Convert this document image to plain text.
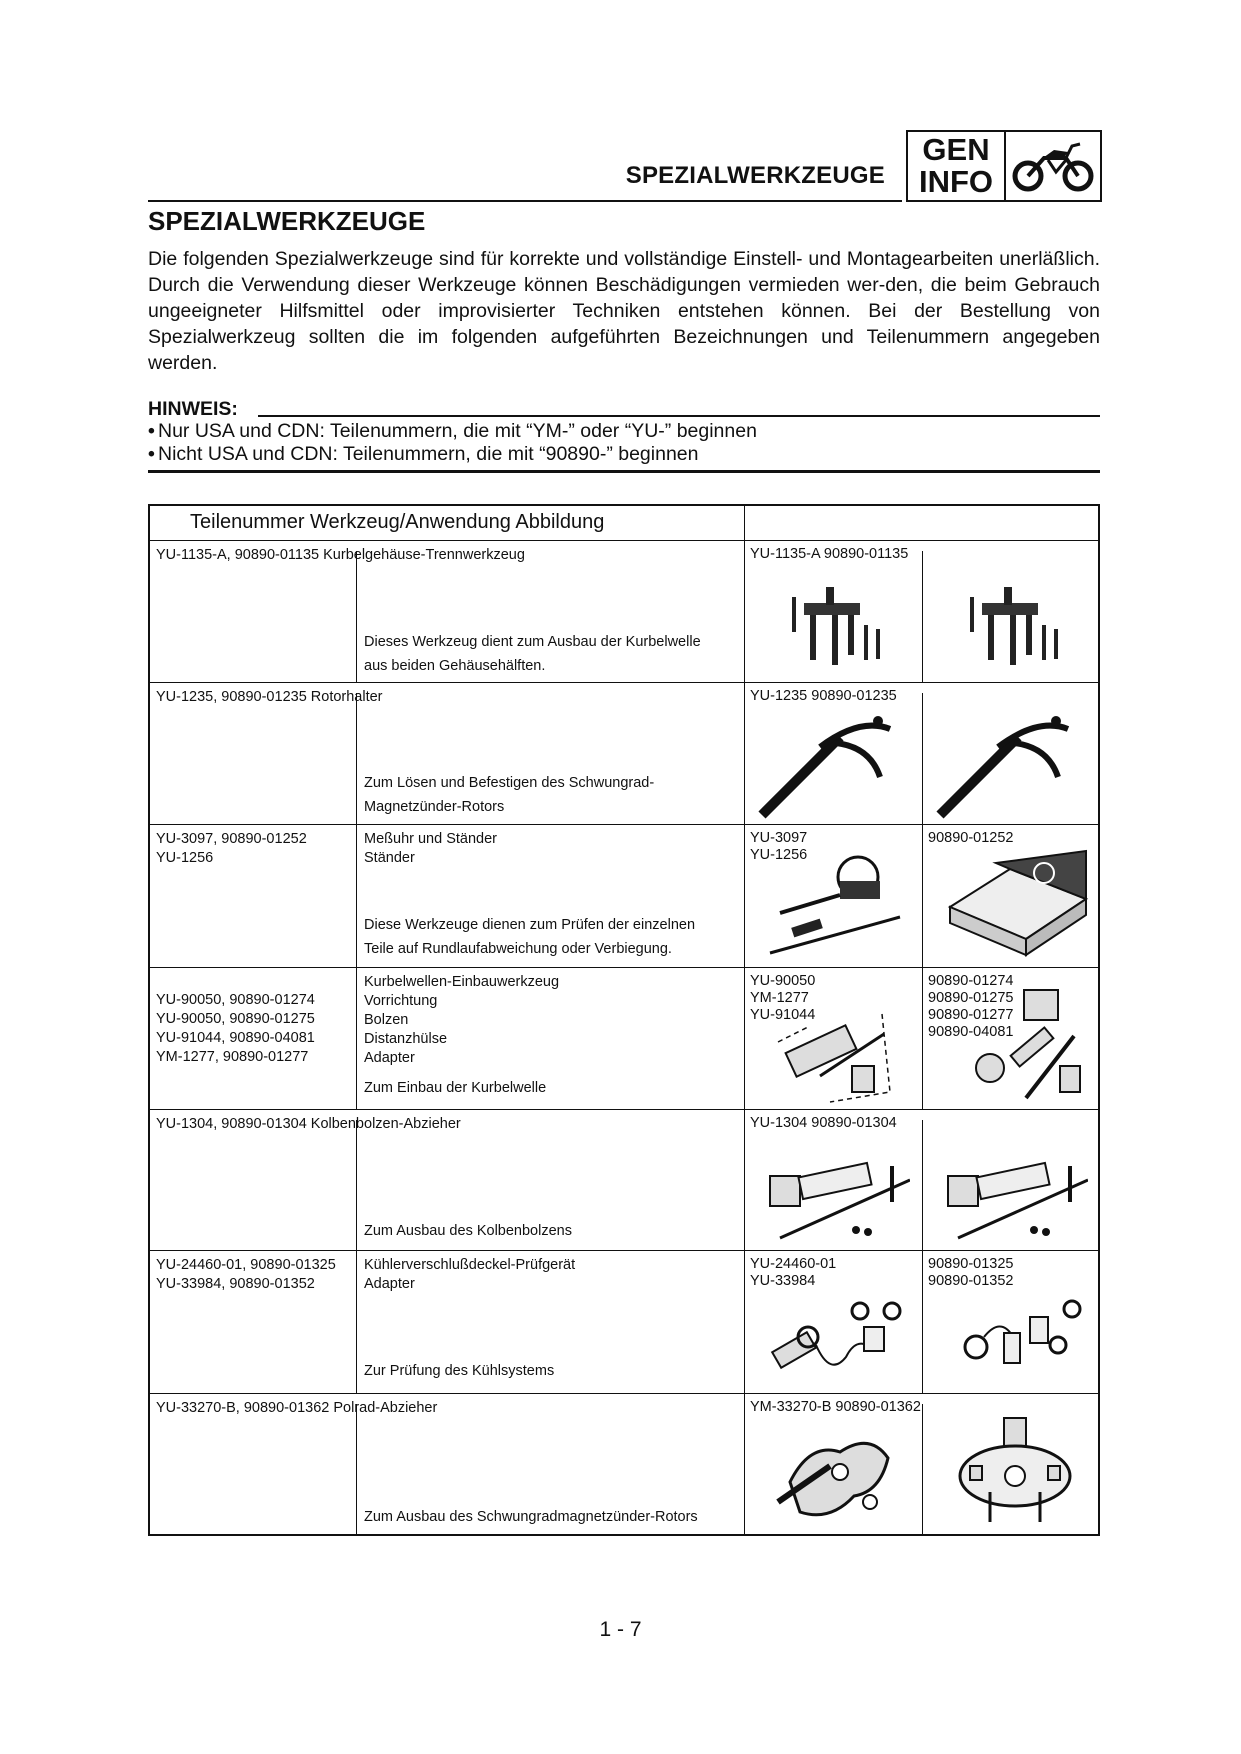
SPEZIALWERKZEUGE
GEN
INFO
SPEZIALWERKZEUGE

Die folgenden Spezialwerkzeuge sind für korrekte und vollständige Einstell- und Montagearbeiten unerläßlich. Durch die Verwendung dieser Werkzeuge können Beschädigungen vermieden wer-den, die beim Gebrauch ungeeigneter Hilfsmittel oder improvisierter Techniken entstehen können. Bei der Bestellung von Spezialwerkzeug sollten die im folgenden aufgeführten Bezeichnungen und Teilenummern angegeben werden.

HINWEIS:
• Nur USA und CDN: Teilenummern, die mit “YM-” oder “YU-” beginnen
• Nicht USA und CDN: Teilenummern, die mit “90890-” beginnen
Teilenummer Werkzeug/Anwendung Abbildung
YU-1135-A, 90890-01135 Kurbelgehäuse-Trennwerkzeug
Dieses Werkzeug dient zum Ausbau der Kurbelwelle
aus beiden Gehäusehälften.
YU-1135-A 90890-01135
YU-1235, 90890-01235 Rotorhalter
Zum Lösen und Befestigen des Schwungrad-
Magnetzünder-Rotors
YU-1235 90890-01235
YU-3097, 90890-01252
YU-1256
Meßuhr und Ständer
Ständer
Diese Werkzeuge dienen zum Prüfen der einzelnen
Teile auf Rundlaufabweichung oder Verbiegung.
YU-3097
YU-1256
90890-01252
YU-90050, 90890-01274
YU-90050, 90890-01275
YU-91044, 90890-04081
YM-1277, 90890-01277
Kurbelwellen-Einbauwerkzeug
Vorrichtung
Bolzen
Distanzhülse
Adapter
Zum Einbau der Kurbelwelle
YU-90050
YM-1277
YU-91044
90890-01274
90890-01275
90890-01277
90890-04081
YU-1304, 90890-01304 Kolbenbolzen-Abzieher
Zum Ausbau des Kolbenbolzens
YU-1304 90890-01304
YU-24460-01, 90890-01325
YU-33984, 90890-01352
Kühlerverschlußdeckel-Prüfgerät
Adapter
Zur Prüfung des Kühlsystems
YU-24460-01
YU-33984
90890-01325
90890-01352
YU-33270-B, 90890-01362 Polrad-Abzieher
Zum Ausbau des Schwungradmagnetzünder-Rotors
YM-33270-B 90890-01362
1 - 7
